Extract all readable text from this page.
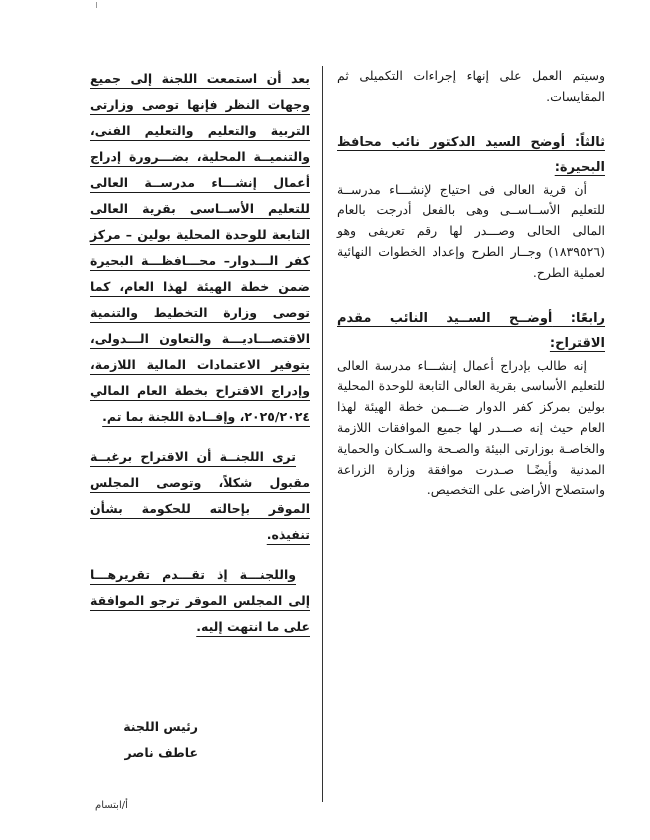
وسيتم العمل على إنهاء إجراءات التكميلى ثم المقايسات.

ثالثاً: أوضح السيد الدكتور نائب محافظ البحيرة:

أن قرية العالى فى احتياج لإنشـــاء مدرســة للتعليم الأســاســى وهى بالفعل أدرجت بالعام المالى الحالى وصـــدر لها رقم تعريفى وهو (١٨٣٩٥٢٦) وجــار الطرح وإعداد الخطوات النهائية لعملية الطرح.

رابعًا: أوضــح الســيد النائب مقدم الاقتراح:

إنه طالب بإدراج أعمال إنشـــاء مدرسة العالى للتعليم الأساسى بقرية العالى التابعة للوحدة المحلية بولين بمركز كفر الدوار ضـــمن خطة الهيئة لهذا العام حيث إنه صـــدر لها جميع الموافقات اللازمة والخاصـة بوزارتى البيئة والصـحة والسـكان والحماية المدنية وأيضًـا صـدرت موافقة وزارة الزراعة واستصلاح الأراضى على التخصيص.

بعد أن استمعت اللجنة إلى جميع وجهات النظر فإنها توصى وزارتى التربية والتعليم والتعليم الفنى، والتنميــة المحلية، بضـــرورة إدراج أعمال إنشـــاء مدرســة العالى للتعليم الأســاسى بقرية العالى التابعة للوحدة المحلية بولين – مركز كفر الـــدوار– محـــافظـــة البحيرة ضمن خطة الهيئة لهذا العام، كما توصى وزارة التخطيط والتنمية الاقتصـــاديـــة والتعاون الـــدولى، بتوفير الاعتمادات المالية اللازمة، وإدراج الاقتراح بخطة العام المالي ٢٠٢٥/٢٠٢٤، وإفــادة اللجنة بما تم.

ترى اللجنــة أن الاقتراح برغبــة مقبول شكلاً، وتوصى المجلس الموقر بإحالته للحكومة بشأن تنفيذه.

واللجنـــة إذ تقـــدم تقريرهـــا إلى المجلس الموقر ترجو الموافقة على ما انتهت إليه.

رئيس اللجنة
عاطف ناصر
أ/ابتسام
